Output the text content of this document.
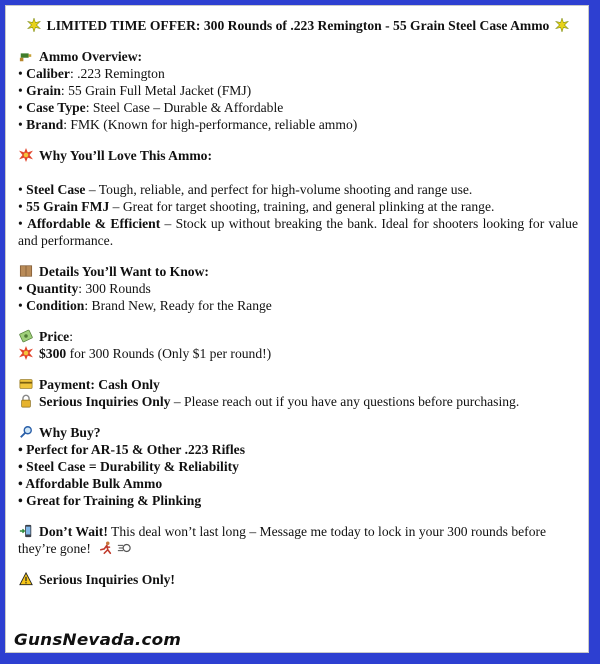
LIMITED TIME OFFER: 300 Rounds of .223 Remington - 55 Grain Steel Case Ammo
Ammo Overview:
• Caliber: .223 Remington
• Grain: 55 Grain Full Metal Jacket (FMJ)
• Case Type: Steel Case – Durable & Affordable
• Brand: FMK (Known for high-performance, reliable ammo)
Why You’ll Love This Ammo:
• Steel Case – Tough, reliable, and perfect for high-volume shooting and range use.
• 55 Grain FMJ – Great for target shooting, training, and general plinking at the range.
• Affordable & Efficient – Stock up without breaking the bank. Ideal for shooters looking for value and performance.
Details You’ll Want to Know:
• Quantity: 300 Rounds
• Condition: Brand New, Ready for the Range
Price:
$300 for 300 Rounds (Only $1 per round!)
Payment: Cash Only
Serious Inquiries Only – Please reach out if you have any questions before purchasing.
Why Buy?
• Perfect for AR-15 & Other .223 Rifles
• Steel Case = Durability & Reliability
• Affordable Bulk Ammo
• Great for Training & Plinking
Don’t Wait! This deal won’t last long – Message me today to lock in your 300 rounds before they’re gone!
Serious Inquiries Only!
GunsNevada.com
